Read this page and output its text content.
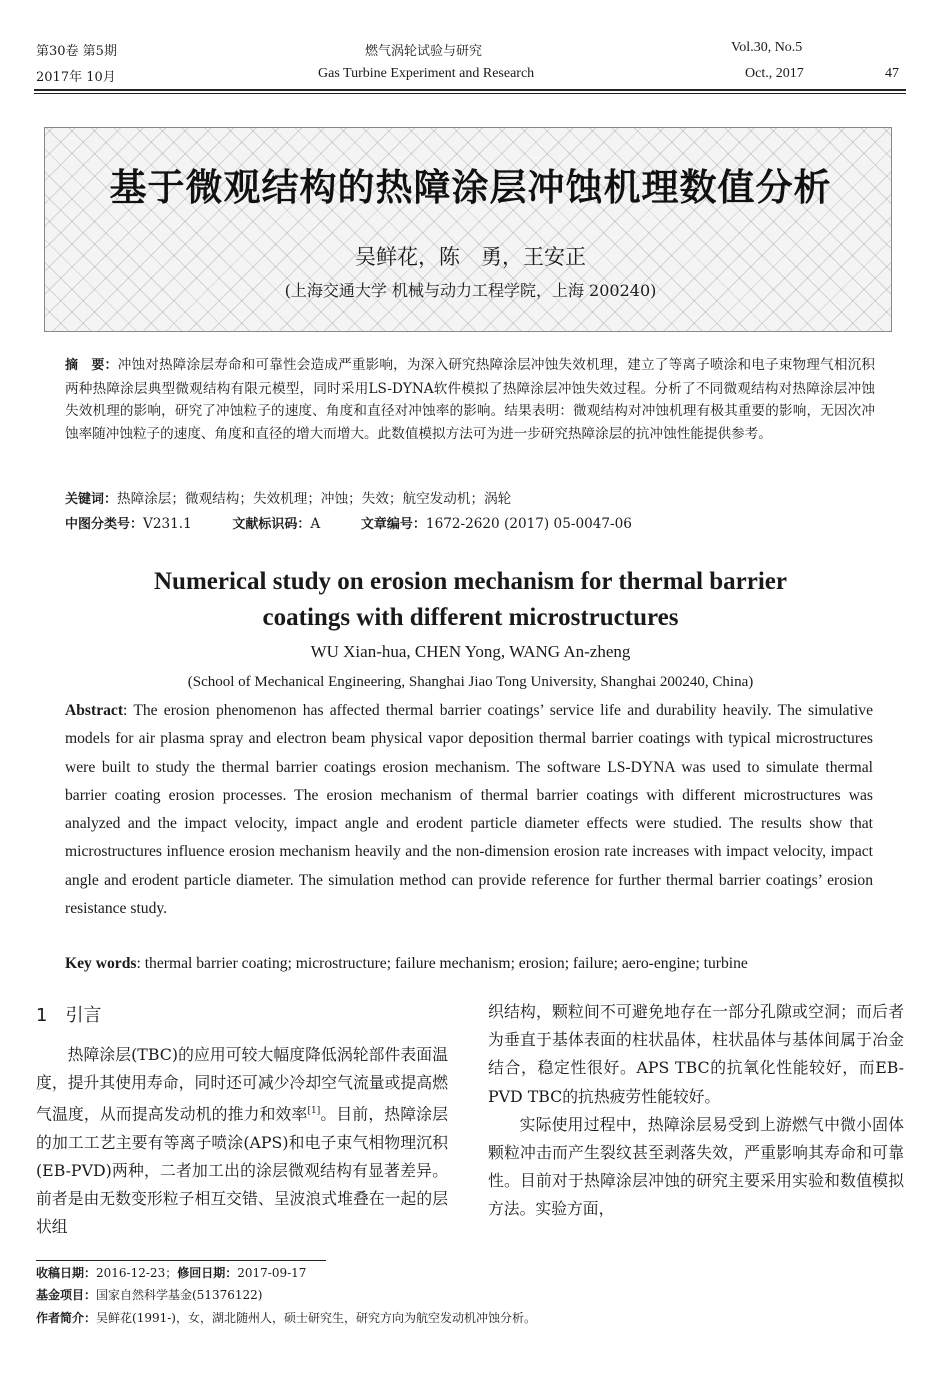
第30卷 第5期
2017年 10月
燃气涡轮试验与研究
Gas Turbine Experiment and Research
Vol.30, No.5
Oct., 2017	47
基于微观结构的热障涂层冲蚀机理数值分析
吴鲜花，陈　勇，王安正
(上海交通大学 机械与动力工程学院，上海 200240)
摘　要：冲蚀对热障涂层寿命和可靠性会造成严重影响，为深入研究热障涂层冲蚀失效机理，建立了等离子喷涂和电子束物理气相沉积两种热障涂层典型微观结构有限元模型，同时采用LS-DYNA软件模拟了热障涂层冲蚀失效过程。分析了不同微观结构对热障涂层冲蚀失效机理的影响，研究了冲蚀粒子的速度、角度和直径对冲蚀率的影响。结果表明：微观结构对冲蚀机理有极其重要的影响，无因次冲蚀率随冲蚀粒子的速度、角度和直径的增大而增大。此数值模拟方法可为进一步研究热障涂层的抗冲蚀性能提供参考。
关键词：热障涂层；微观结构；失效机理；冲蚀；失效；航空发动机；涡轮
中图分类号：V231.1	文献标识码：A	文章编号：1672-2620 (2017) 05-0047-06
Numerical study on erosion mechanism for thermal barrier
coatings with different microstructures
WU Xian-hua, CHEN Yong, WANG An-zheng
(School of Mechanical Engineering, Shanghai Jiao Tong University, Shanghai 200240, China)
Abstract: The erosion phenomenon has affected thermal barrier coatings’ service life and durability heavily. The simulative models for air plasma spray and electron beam physical vapor deposition thermal barrier coatings with typical microstructures were built to study the thermal barrier coatings erosion mechanism. The software LS-DYNA was used to simulate thermal barrier coating erosion processes. The erosion mechanism of thermal barrier coatings with different microstructures was analyzed and the impact velocity, impact angle and erodent particle diameter effects were studied. The results show that microstructures influence erosion mechanism heavily and the non-dimension erosion rate increases with impact velocity, impact angle and erodent particle diameter. The simulation method can provide reference for further thermal barrier coatings’ erosion resistance study.
Key words: thermal barrier coating; microstructure; failure mechanism; erosion; failure; aero-engine; turbine
1　引言

热障涂层(TBC)的应用可较大幅度降低涡轮部件表面温度，提升其使用寿命，同时还可减少冷却空气流量或提高燃气温度，从而提高发动机的推力和效率[1]。目前，热障涂层的加工工艺主要有等离子喷涂(APS)和电子束气相物理沉积(EB-PVD)两种，二者加工出的涂层微观结构有显著差异。前者是由无数变形粒子相互交错、呈波浪式堆叠在一起的层状组

织结构，颗粒间不可避免地存在一部分孔隙或空洞；而后者为垂直于基体表面的柱状晶体，柱状晶体与基体间属于冶金结合，稳定性很好。APS TBC的抗氧化性能较好，而EB-PVD TBC的抗热疲劳性能较好。

实际使用过程中，热障涂层易受到上游燃气中微小固体颗粒冲击而产生裂纹甚至剥落失效，严重影响其寿命和可靠性。目前对于热障涂层冲蚀的研究主要采用实验和数值模拟方法。实验方面，

收稿日期：2016-12-23；修回日期：2017-09-17
基金项目：国家自然科学基金(51376122)
作者简介：吴鲜花(1991-)，女，湖北随州人，硕士研究生，研究方向为航空发动机冲蚀分析。
